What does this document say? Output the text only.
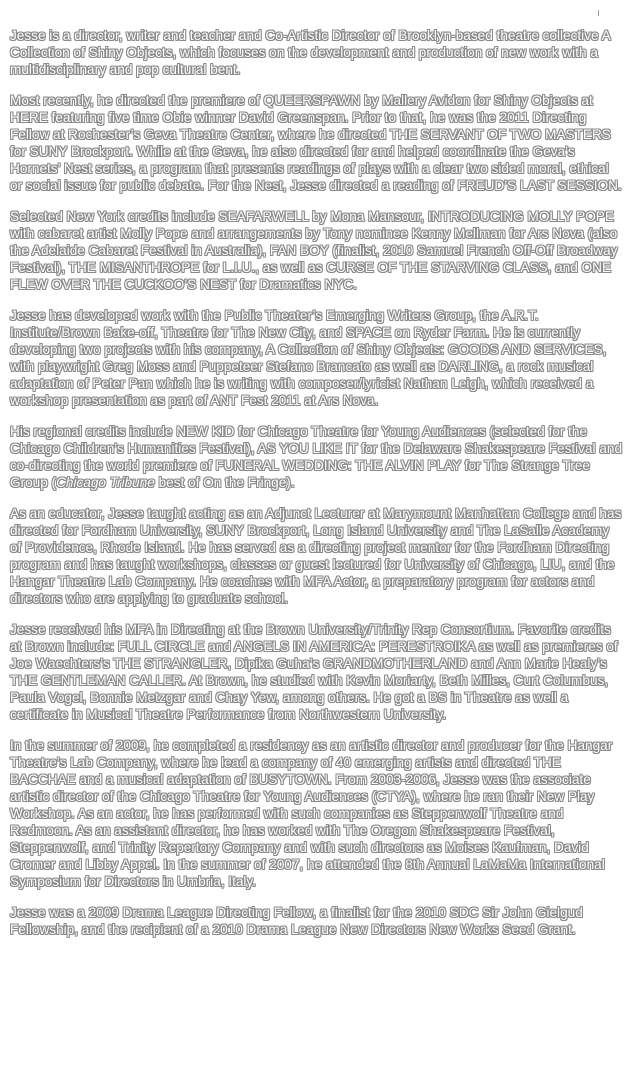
Jesse is a director, writer and teacher and Co-Artistic Director of Brooklyn-based theatre collective A Collection of Shiny Objects, which focuses on the development and production of new work with a multidisciplinary and pop cultural bent.

Most recently, he directed the premiere of QUEERSPAWN by Mallery Avidon for Shiny Objects at HERE featuring five time Obie winner David Greenspan. Prior to that, he was the 2011 Directing Fellow at Rochester’s Geva Theatre Center, where he directed THE SERVANT OF TWO MASTERS for SUNY Brockport. While at the Geva, he also directed for and helped coordinate the Geva’s Hornets’ Nest series, a program that presents readings of plays with a clear two sided moral, ethical or social issue for public debate. For the Nest, Jesse directed a reading of FREUD’S LAST SESSION.

Selected New York credits include SEAFARWELL by Mona Mansour, INTRODUCING MOLLY POPE with cabaret artist Molly Pope and arrangements by Tony nominee Kenny Mellman for Ars Nova (also the Adelaide Cabaret Festival in Australia), FAN BOY (finalist, 2010 Samuel French Off-Off Broadway Festival), THE MISANTHROPE for L.I.U., as well as CURSE OF THE STARVING CLASS, and ONE FLEW OVER THE CUCKOO’S NEST for Dramatics NYC.

Jesse has developed work with the Public Theater’s Emerging Writers Group, the A.R.T. Institute/Brown Bake-off, Theatre for The New City, and SPACE on Ryder Farm. He is currently developing two projects with his company, A Collection of Shiny Objects: GOODS AND SERVICES, with playwright Greg Moss and Puppeteer Stefano Brancato as well as DARLING, a rock musical adaptation of Peter Pan which he is writing with composer/lyricist Nathan Leigh, which received a workshop presentation as part of ANT Fest 2011 at Ars Nova.

His regional credits include NEW KID for Chicago Theatre for Young Audiences (selected for the Chicago Children’s Humanities Festival), AS YOU LIKE IT for the Delaware Shakespeare Festival and co-directing the world premiere of FUNERAL WEDDING: THE ALVIN PLAY for The Strange Tree Group (Chicago Tribune best of On the Fringe).

As an educator, Jesse taught acting as an Adjunct Lecturer at Marymount Manhattan College and has directed for Fordham University, SUNY Brockport, Long Island University and The LaSalle Academy of Providence, Rhode Island. He has served as a directing project mentor for the Fordham Directing program and has taught workshops, classes or guest lectured for University of Chicago, LIU, and the Hangar Theatre Lab Company. He coaches with MFA Actor, a preparatory program for actors and directors who are applying to graduate school.

Jesse received his MFA in Directing at the Brown University/Trinity Rep Consortium. Favorite credits at Brown include: FULL CIRCLE and ANGELS IN AMERICA: PERESTROIKA as well as premieres of Joe Waechters’s THE STRANGLER, Dipika Guha’s GRANDMOTHERLAND and Ann Marie Healy’s THE GENTLEMAN CALLER. At Brown, he studied with Kevin Moriarty, Beth Milles, Curt Columbus, Paula Vogel, Bonnie Metzgar and Chay Yew, among others. He got a BS in Theatre as well a certificate in Musical Theatre Performance from Northwestern University.

In the summer of 2009, he completed a residency as an artistic director and producer for the Hangar Theatre’s Lab Company, where he lead a company of 40 emerging artists and directed THE BACCHAE and a musical adaptation of BUSYTOWN. From 2003-2006, Jesse was the associate artistic director of the Chicago Theatre for Young Audiences (CTYA), where he ran their New Play Workshop. As an actor, he has performed with such companies as Steppenwolf Theatre and Redmoon. As an assistant director, he has worked with The Oregon Shakespeare Festival, Steppenwolf, and Trinity Repertory Company and with such directors as Moises Kaufman, David Cromer and Libby Appel. In the summer of 2007, he attended the 8th Annual LaMaMa International Symposium for Directors in Umbria, Italy.

Jesse was a 2009 Drama League Directing Fellow, a finalist for the 2010 SDC Sir John Gielgud Fellowship, and the recipient of a 2010 Drama League New Directors New Works Seed Grant.
